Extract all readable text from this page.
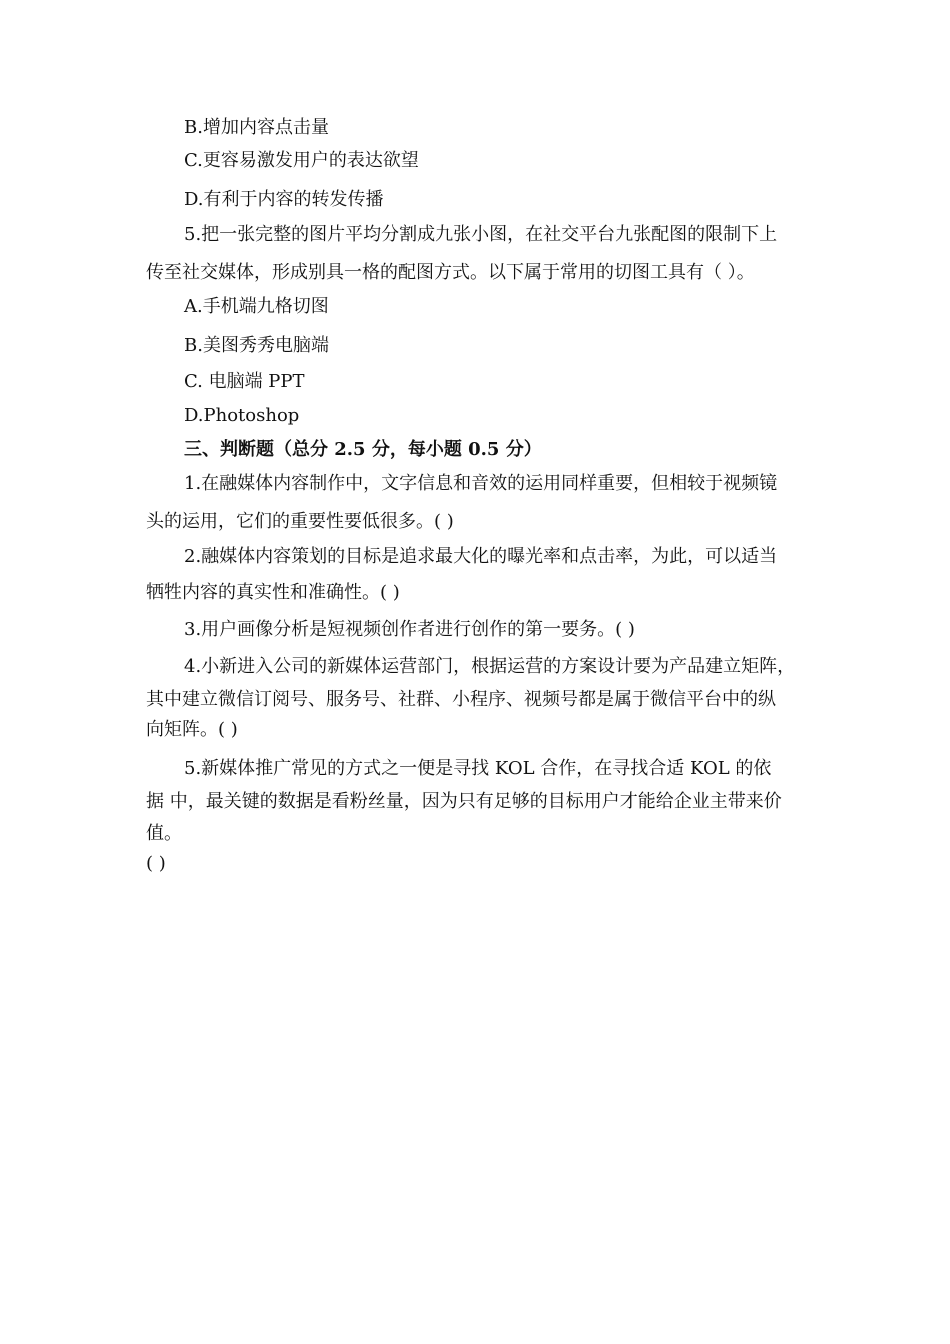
B.增加内容点击量
C.更容易激发用户的表达欲望
D.有利于内容的转发传播
5.把一张完整的图片平均分割成九张小图，在社交平台九张配图的限制下上
传至社交媒体，形成别具一格的配图方式。以下属于常用的切图工具有（ ）。
A.手机端九格切图
B.美图秀秀电脑端
C. 电脑端 PPT
D.Photoshop
三、判断题（总分 2.5 分，每小题 0.5 分）
1.在融媒体内容制作中，文字信息和音效的运用同样重要，但相较于视频镜
头的运用，它们的重要性要低很多。( )
2.融媒体内容策划的目标是追求最大化的曝光率和点击率，为此，可以适当
牺牲内容的真实性和准确性。( )
3.用户画像分析是短视频创作者进行创作的第一要务。( )
4.小新进入公司的新媒体运营部门，根据运营的方案设计要为产品建立矩阵，
其中建立微信订阅号、服务号、社群、小程序、视频号都是属于微信平台中的纵
向矩阵。( )
5.新媒体推广常见的方式之一便是寻找 KOL 合作，在寻找合适 KOL 的依
据 中，最关键的数据是看粉丝量，因为只有足够的目标用户才能给企业主带来价
值。
( )
